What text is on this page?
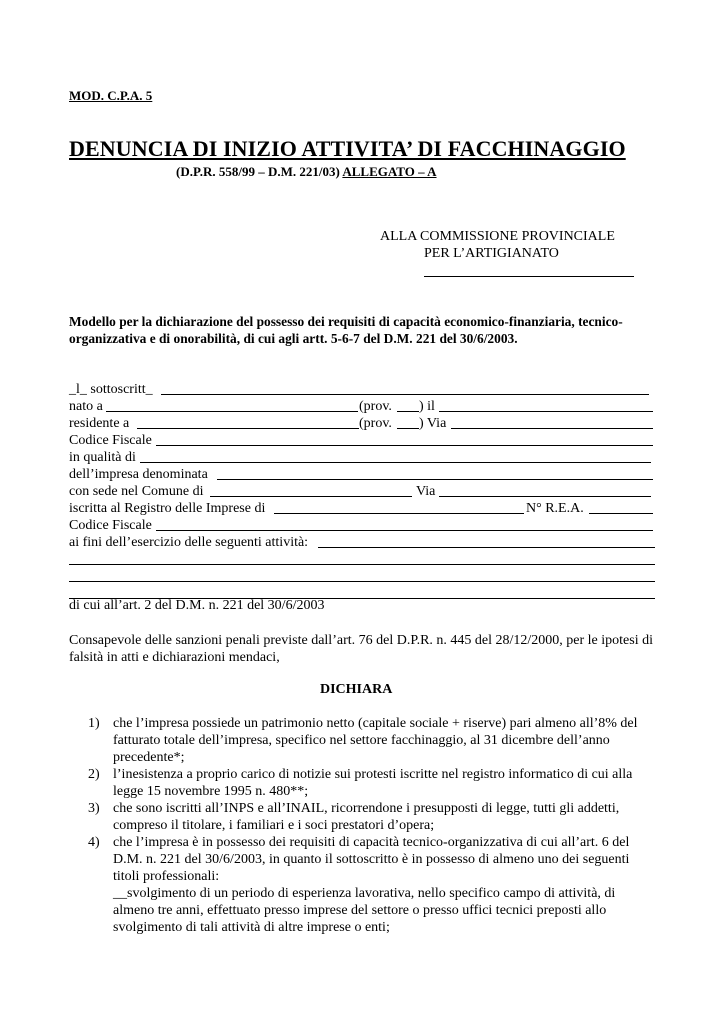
MOD. C.P.A. 5
DENUNCIA DI INIZIO ATTIVITA’ DI FACCHINAGGIO
(D.P.R. 558/99 – D.M. 221/03) ALLEGATO – A
ALLA COMMISSIONE PROVINCIALE
PER L’ARTIGIANATO
Modello per la dichiarazione del possesso dei requisiti di capacità economico-finanziaria, tecnico-organizzativa e di onorabilità, di cui agli artt. 5-6-7 del D.M. 221 del 30/6/2003.
_l_ sottoscritt_
nato a	(prov. ) il
residente a	(prov. ) Via
Codice Fiscale
in qualità di
dell’impresa denominata
con sede nel Comune di	Via
iscritta al Registro delle Imprese di	N° R.E.A.
Codice Fiscale
ai fini dell’esercizio delle seguenti attività:
di cui all’art. 2 del D.M. n. 221 del 30/6/2003
Consapevole delle sanzioni penali previste dall’art. 76 del D.P.R. n. 445 del 28/12/2000, per le ipotesi di falsità in atti e dichiarazioni mendaci,
DICHIARA
1) che l’impresa possiede un patrimonio netto (capitale sociale + riserve) pari almeno all’8% del fatturato totale dell’impresa, specifico nel settore facchinaggio, al 31 dicembre dell’anno precedente*;
2) l’inesistenza a proprio carico di notizie sui protesti iscritte nel registro informatico di cui alla legge 15 novembre 1995 n. 480**;
3) che sono iscritti all’INPS e all’INAIL, ricorrendone i presupposti di legge, tutti gli addetti, compreso il titolare, i familiari e i soci prestatori d’opera;
4) che l’impresa è in possesso dei requisiti di capacità tecnico-organizzativa di cui all’art. 6 del D.M. n. 221 del 30/6/2003, in quanto il sottoscritto è in possesso di almeno uno dei seguenti titoli professionali:
__svolgimento di un periodo di esperienza lavorativa, nello specifico campo di attività, di almeno tre anni, effettuato presso imprese del settore o presso uffici tecnici preposti allo svolgimento di tali attività di altre imprese o enti;
